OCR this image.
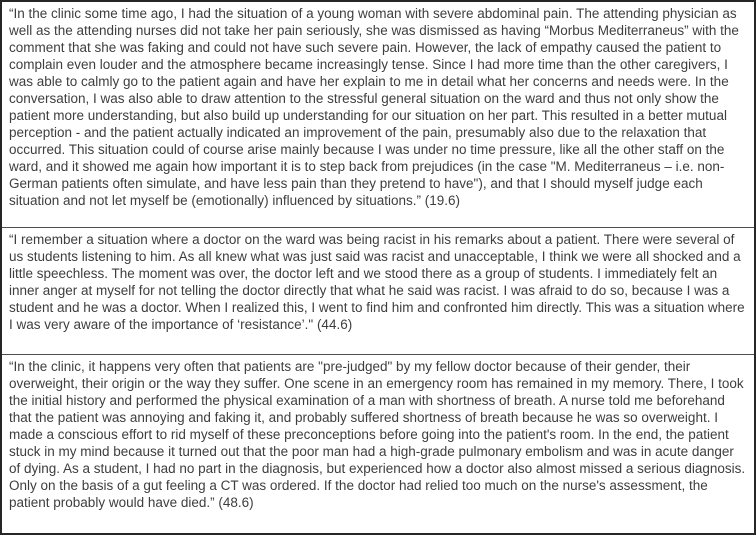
“In the clinic some time ago, I had the situation of a young woman with severe abdominal pain. The attending physician as well as the attending nurses did not take her pain seriously, she was dismissed as having “Morbus Mediterraneus” with the comment that she was faking and could not have such severe pain. However, the lack of empathy caused the patient to complain even louder and the atmosphere became increasingly tense. Since I had more time than the other caregivers, I was able to calmly go to the patient again and have her explain to me in detail what her concerns and needs were. In the conversation, I was also able to draw attention to the stressful general situation on the ward and thus not only show the patient more understanding, but also build up understanding for our situation on her part. This resulted in a better mutual perception - and the patient actually indicated an improvement of the pain, presumably also due to the relaxation that occurred. This situation could of course arise mainly because I was under no time pressure, like all the other staff on the ward, and it showed me again how important it is to step back from prejudices (in the case "M. Mediterraneus – i.e. non-German patients often simulate, and have less pain than they pretend to have"), and that I should myself judge each situation and not let myself be (emotionally) influenced by situations.” (19.6)
“I remember a situation where a doctor on the ward was being racist in his remarks about a patient. There were several of us students listening to him. As all knew what was just said was racist and unacceptable, I think we were all shocked and a little speechless. The moment was over, the doctor left and we stood there as a group of students. I immediately felt an inner anger at myself for not telling the doctor directly that what he said was racist. I was afraid to do so, because I was a student and he was a doctor. When I realized this, I went to find him and confronted him directly. This was a situation where I was very aware of the importance of ‘resistance’." (44.6)
“In the clinic, it happens very often that patients are "pre-judged" by my fellow doctor because of their gender, their overweight, their origin or the way they suffer. One scene in an emergency room has remained in my memory. There, I took the initial history and performed the physical examination of a man with shortness of breath. A nurse told me beforehand that the patient was annoying and faking it, and probably suffered shortness of breath because he was so overweight. I made a conscious effort to rid myself of these preconceptions before going into the patient's room. In the end, the patient stuck in my mind because it turned out that the poor man had a high-grade pulmonary embolism and was in acute danger of dying. As a student, I had no part in the diagnosis, but experienced how a doctor also almost missed a serious diagnosis. Only on the basis of a gut feeling a CT was ordered. If the doctor had relied too much on the nurse's assessment, the patient probably would have died.” (48.6)
